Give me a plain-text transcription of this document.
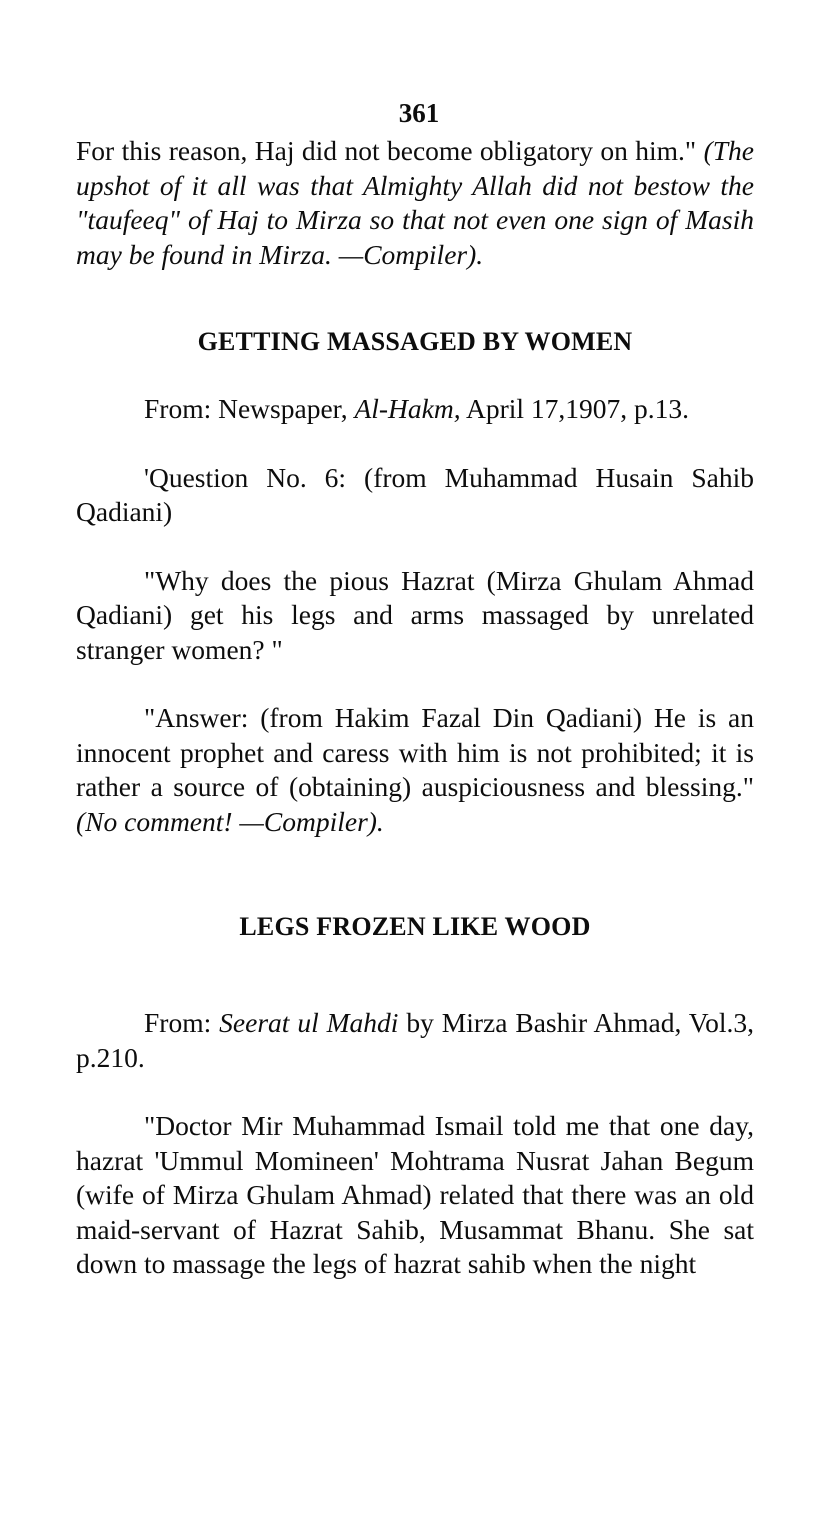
361

For this reason, Haj did not become obligatory on him." (The upshot of it all was that Almighty Allah did not bestow the "taufeeq" of Haj to Mirza so that not even one sign of Masih may be found in Mirza. —Compiler).

GETTING MASSAGED BY WOMEN

From: Newspaper, Al-Hakm, April 17,1907, p.13.

'Question No. 6: (from Muhammad Husain Sahib Qadiani)

"Why does the pious Hazrat (Mirza Ghulam Ahmad Qadiani) get his legs and arms massaged by unrelated stranger women? "

"Answer: (from Hakim Fazal Din Qadiani) He is an innocent prophet and caress with him is not prohibited; it is rather a source of (obtaining) auspiciousness and blessing." (No comment! —Compiler).

LEGS FROZEN LIKE WOOD

From: Seerat ul Mahdi by Mirza Bashir Ahmad, Vol.3, p.210.

"Doctor Mir Muhammad Ismail told me that one day, hazrat 'Ummul Momineen' Mohtrama Nusrat Jahan Begum (wife of Mirza Ghulam Ahmad) related that there was an old maid-servant of Hazrat Sahib, Musammat Bhanu. She sat down to massage the legs of hazrat sahib when the night
